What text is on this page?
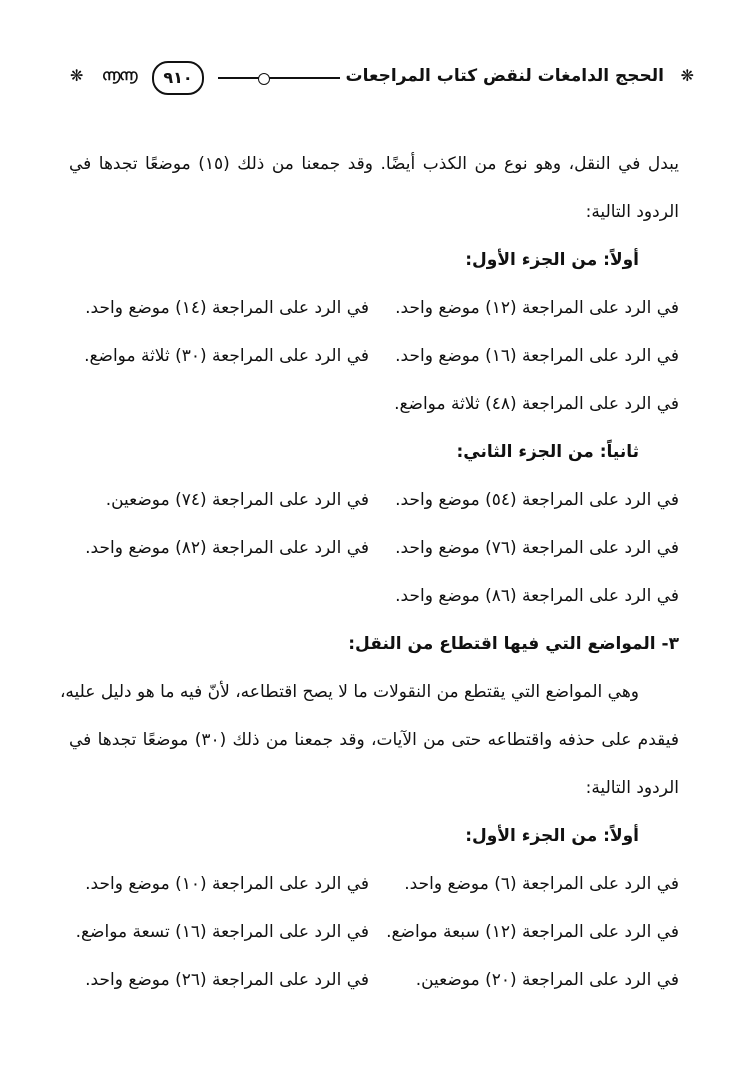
❋
الحجج الدامغات لنقض كتاب المراجعات
൬൬	٩١٠
❋
يبدل في النقل، وهو نوع من الكذب أيضًا. وقد جمعنا من ذلك (١٥) موضعًا تجدها في
الردود التالية:
أولاً: من الجزء الأول:
في الرد على المراجعة (١٢) موضع واحد.
في الرد على المراجعة (١٤) موضع واحد.
في الرد على المراجعة (١٦) موضع واحد.
في الرد على المراجعة (٣٠) ثلاثة مواضع.
في الرد على المراجعة (٤٨) ثلاثة مواضع.
ثانياً: من الجزء الثاني:
في الرد على المراجعة (٥٤) موضع واحد.
في الرد على المراجعة (٧٤) موضعين.
في الرد على المراجعة (٧٦) موضع واحد.
في الرد على المراجعة (٨٢) موضع واحد.
في الرد على المراجعة (٨٦) موضع واحد.
٣- المواضع التي فيها اقتطاع من النقل:
وهي المواضع التي يقتطع من النقولات ما لا يصح اقتطاعه، لأنّ فيه ما هو دليل عليه،
فيقدم على حذفه واقتطاعه حتى من الآيات، وقد جمعنا من ذلك (٣٠) موضعًا تجدها في
الردود التالية:
أولاً: من الجزء الأول:
في الرد على المراجعة (٦) موضع واحد.
في الرد على المراجعة (١٠) موضع واحد.
في الرد على المراجعة (١٢) سبعة مواضع.
في الرد على المراجعة (١٦) تسعة مواضع.
في الرد على المراجعة (٢٠) موضعين.
في الرد على المراجعة (٢٦) موضع واحد.
